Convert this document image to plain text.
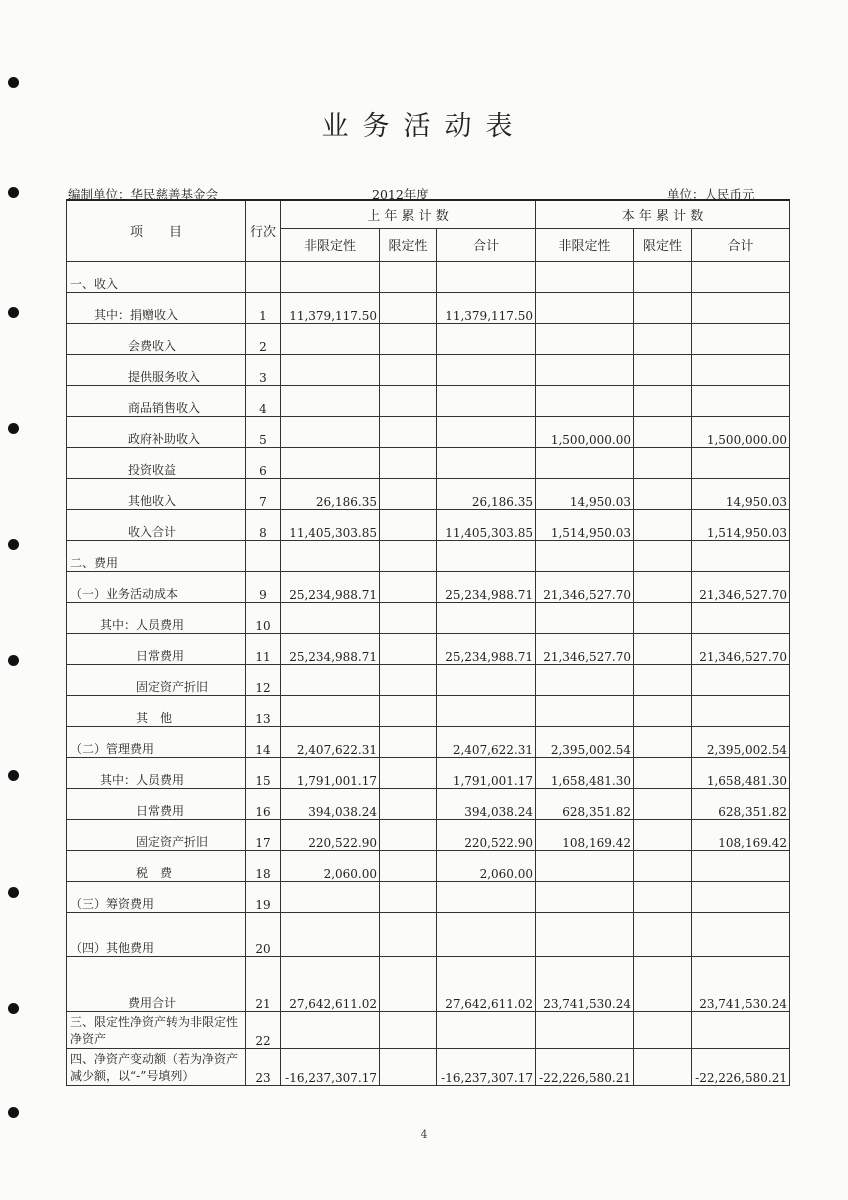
业务活动表
编制单位：华民慈善基金会	2012年度	单位：人民币元
项　　目	行次	上 年 累 计 数			本 年 累 计 数		
		非限定性	限定性	合计	非限定性	限定性	合计
一、收入							
其中：捐赠收入	1	11,379,117.50		11,379,117.50			
会费收入	2						
提供服务收入	3						
商品销售收入	4						
政府补助收入	5				1,500,000.00		1,500,000.00
投资收益	6						
其他收入	7	26,186.35		26,186.35	14,950.03		14,950.03
收入合计	8	11,405,303.85		11,405,303.85	1,514,950.03		1,514,950.03
二、费用							
（一）业务活动成本	9	25,234,988.71		25,234,988.71	21,346,527.70		21,346,527.70
其中：人员费用	10						
日常费用	11	25,234,988.71		25,234,988.71	21,346,527.70		21,346,527.70
固定资产折旧	12						
其　他	13						
（二）管理费用	14	2,407,622.31		2,407,622.31	2,395,002.54		2,395,002.54
其中：人员费用	15	1,791,001.17		1,791,001.17	1,658,481.30		1,658,481.30
日常费用	16	394,038.24		394,038.24	628,351.82		628,351.82
固定资产折旧	17	220,522.90		220,522.90	108,169.42		108,169.42
税　费	18	2,060.00		2,060.00			
（三）筹资费用	19						
（四）其他费用	20						
费用合计	21	27,642,611.02		27,642,611.02	23,741,530.24		23,741,530.24
三、限定性净资产转为非限定性净资产	22						
四、净资产变动额（若为净资产减少额，以“-”号填列）	23	-16,237,307.17		-16,237,307.17	-22,226,580.21		-22,226,580.21
4
